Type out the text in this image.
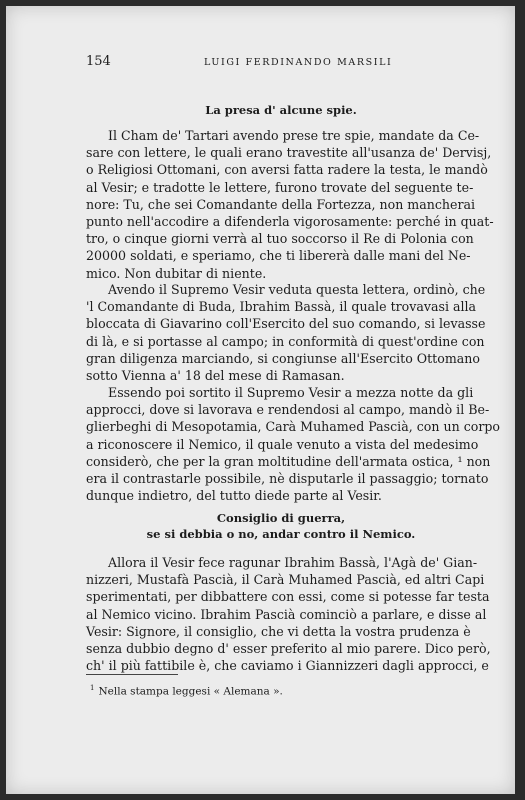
154	LUIGI FERDINANDO MARSILI
La presa d' alcune spie.

Il Cham de' Tartari avendo prese tre spie, mandate da Ce-
sare con lettere, le quali erano travestite all'usanza de' Dervisj,
o Religiosi Ottomani, con aversi fatta radere la testa, le mandò
al Vesir; e tradotte le lettere, furono trovate del seguente te-
nore: Tu, che sei Comandante della Fortezza, non mancherai
punto nell'accodire a difenderla vigorosamente: perché in quat-
tro, o cinque giorni verrà al tuo soccorso il Re di Polonia con
20000 soldati, e speriamo, che ti libererà dalle mani del Ne-
mico. Non dubitar di niente.

Avendo il Supremo Vesir veduta questa lettera, ordinò, che
'l Comandante di Buda, Ibrahim Bassà, il quale trovavasi alla
bloccata di Giavarino coll'Esercito del suo comando, si levasse
di là, e si portasse al campo; in conformità di quest'ordine con
gran diligenza marciando, si congiunse all'Esercito Ottomano
sotto Vienna a' 18 del mese di Ramasan.

Essendo poi sortito il Supremo Vesir a mezza notte da gli
approcci, dove si lavorava e rendendosi al campo, mandò il Be-
glierbeghi di Mesopotamia, Carà Muhamed Pascià, con un corpo
a riconoscere il Nemico, il quale venuto a vista del medesimo
considerò, che per la gran moltitudine dell'armata ostica, ¹ non
era il contrastarle possibile, nè disputarle il passaggio; tornato
dunque indietro, del tutto diede parte al Vesir.

Consiglio di guerra,
se si debbia o no, andar contro il Nemico.

Allora il Vesir fece ragunar Ibrahim Bassà, l'Agà de' Gian-
nizzeri, Mustafà Pascià, il Carà Muhamed Pascià, ed altri Capi
sperimentati, per dibbattere con essi, come si potesse far testa
al Nemico vicino. Ibrahim Pascià cominciò a parlare, e disse al
Vesir: Signore, il consiglio, che vi detta la vostra prudenza è
senza dubbio degno d' esser preferito al mio parere. Dico però,
ch' il più fattibile è, che caviamo i Giannizzeri dagli approcci, e

$^1$ Nella stampa leggesi « Alemana ».
